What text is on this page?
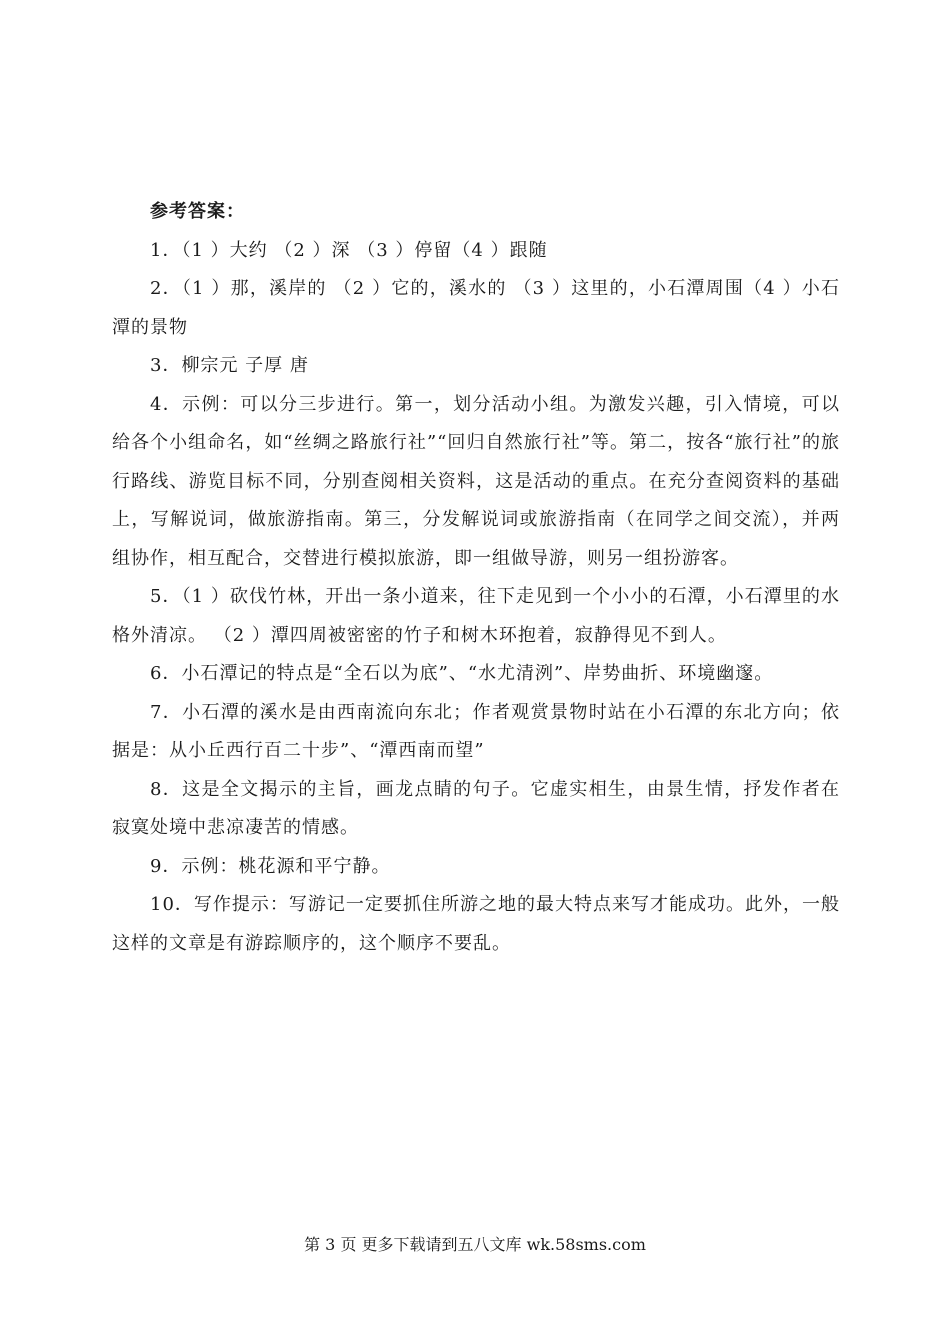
参考答案：

1．（1 ）大约 （2 ）深 （3 ）停留（4 ）跟随

2．（1 ）那，溪岸的 （2 ）它的，溪水的 （3 ）这里的，小石潭周围（4 ）小石潭的景物

3．柳宗元 子厚 唐

4．示例：可以分三步进行。第一，划分活动小组。为激发兴趣，引入情境，可以给各个小组命名，如“丝绸之路旅行社”“回归自然旅行社”等。第二，按各“旅行社”的旅行路线、游览目标不同，分别查阅相关资料，这是活动的重点。在充分查阅资料的基础上，写解说词，做旅游指南。第三，分发解说词或旅游指南（在同学之间交流），并两组协作，相互配合，交替进行模拟旅游，即一组做导游，则另一组扮游客。

5．（1 ）砍伐竹林，开出一条小道来，往下走见到一个小小的石潭，小石潭里的水格外清凉。 （2 ）潭四周被密密的竹子和树木环抱着，寂静得见不到人。

6．小石潭记的特点是“全石以为底”、“水尤清洌”、岸势曲折、环境幽邃。

7．小石潭的溪水是由西南流向东北；作者观赏景物时站在小石潭的东北方向；依据是：从小丘西行百二十步”、“潭西南而望”

8．这是全文揭示的主旨，画龙点睛的句子。它虚实相生，由景生情，抒发作者在寂寞处境中悲凉凄苦的情感。

9．示例：桃花源和平宁静。

10．写作提示：写游记一定要抓住所游之地的最大特点来写才能成功。此外，一般这样的文章是有游踪顺序的，这个顺序不要乱。

第 3 页 更多下载请到五八文库 wk.58sms.com
